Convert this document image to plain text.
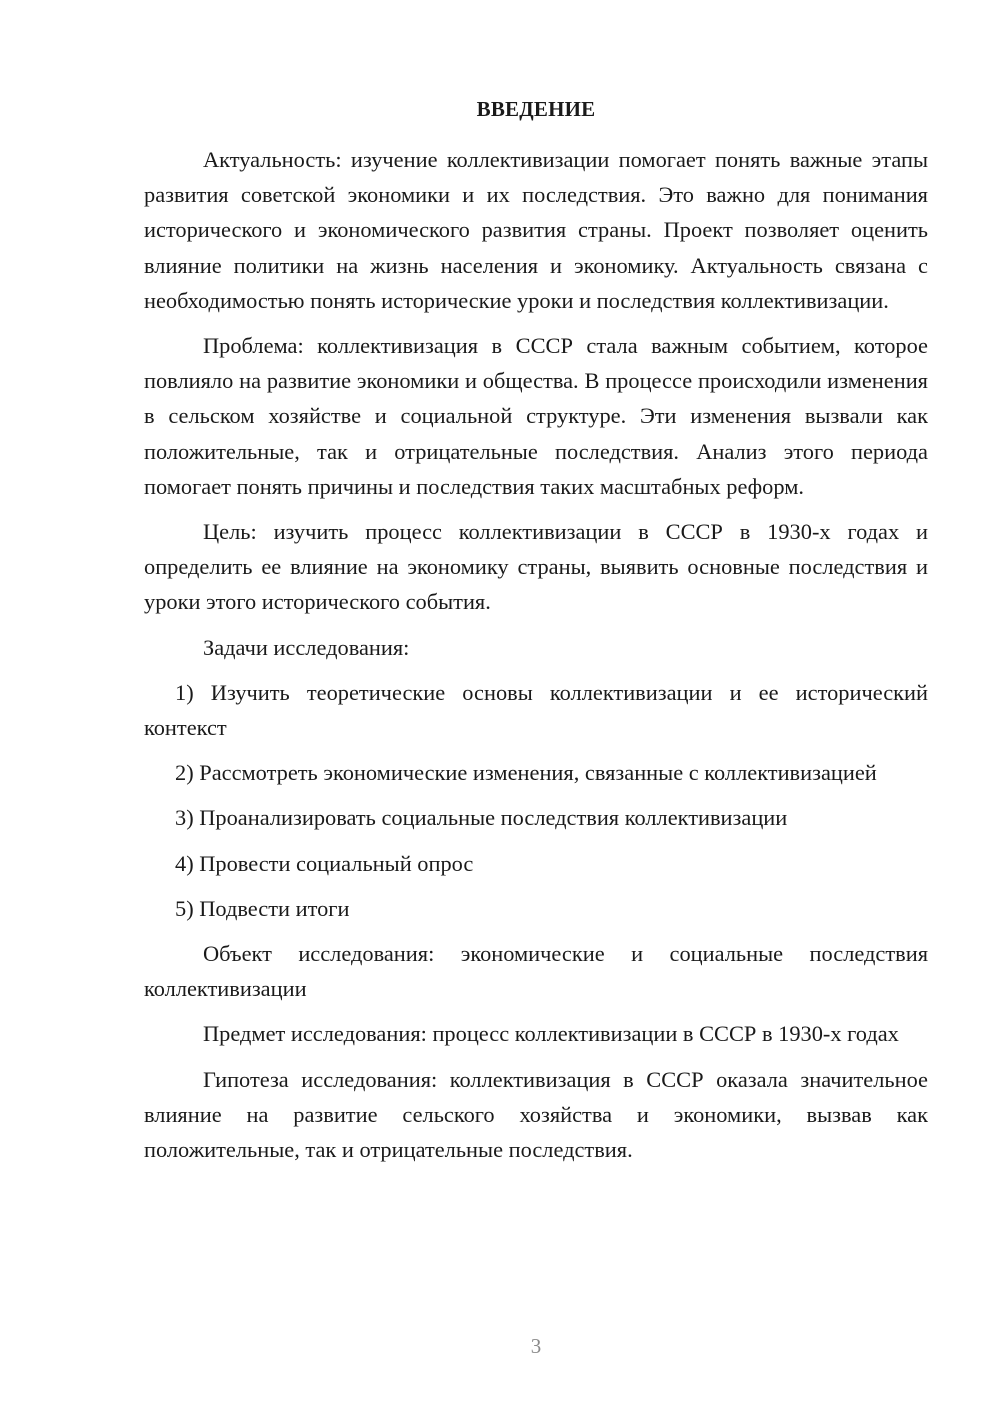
ВВЕДЕНИЕ

Актуальность: изучение коллективизации помогает понять важные этапы развития советской экономики и их последствия. Это важно для понимания исторического и экономического развития страны. Проект позволяет оценить влияние политики на жизнь населения и экономику. Актуальность связана с необходимостью понять исторические уроки и последствия коллективизации.

Проблема: коллективизация в СССР стала важным событием, которое повлияло на развитие экономики и общества. В процессе происходили изменения в сельском хозяйстве и социальной структуре. Эти изменения вызвали как положительные, так и отрицательные последствия. Анализ этого периода помогает понять причины и последствия таких масштабных реформ.

Цель: изучить процесс коллективизации в СССР в 1930-х годах и определить ее влияние на экономику страны, выявить основные последствия и уроки этого исторического события.

Задачи исследования:

1) Изучить теоретические основы коллективизации и ее исторический контекст

2) Рассмотреть экономические изменения, связанные с коллективизацией

3) Проанализировать социальные последствия коллективизации

4) Провести социальный опрос

5) Подвести итоги

Объект исследования: экономические и социальные последствия коллективизации

Предмет исследования: процесс коллективизации в СССР в 1930-х годах

Гипотеза исследования: коллективизация в СССР оказала значительное влияние на развитие сельского хозяйства и экономики, вызвав как положительные, так и отрицательные последствия.

3
